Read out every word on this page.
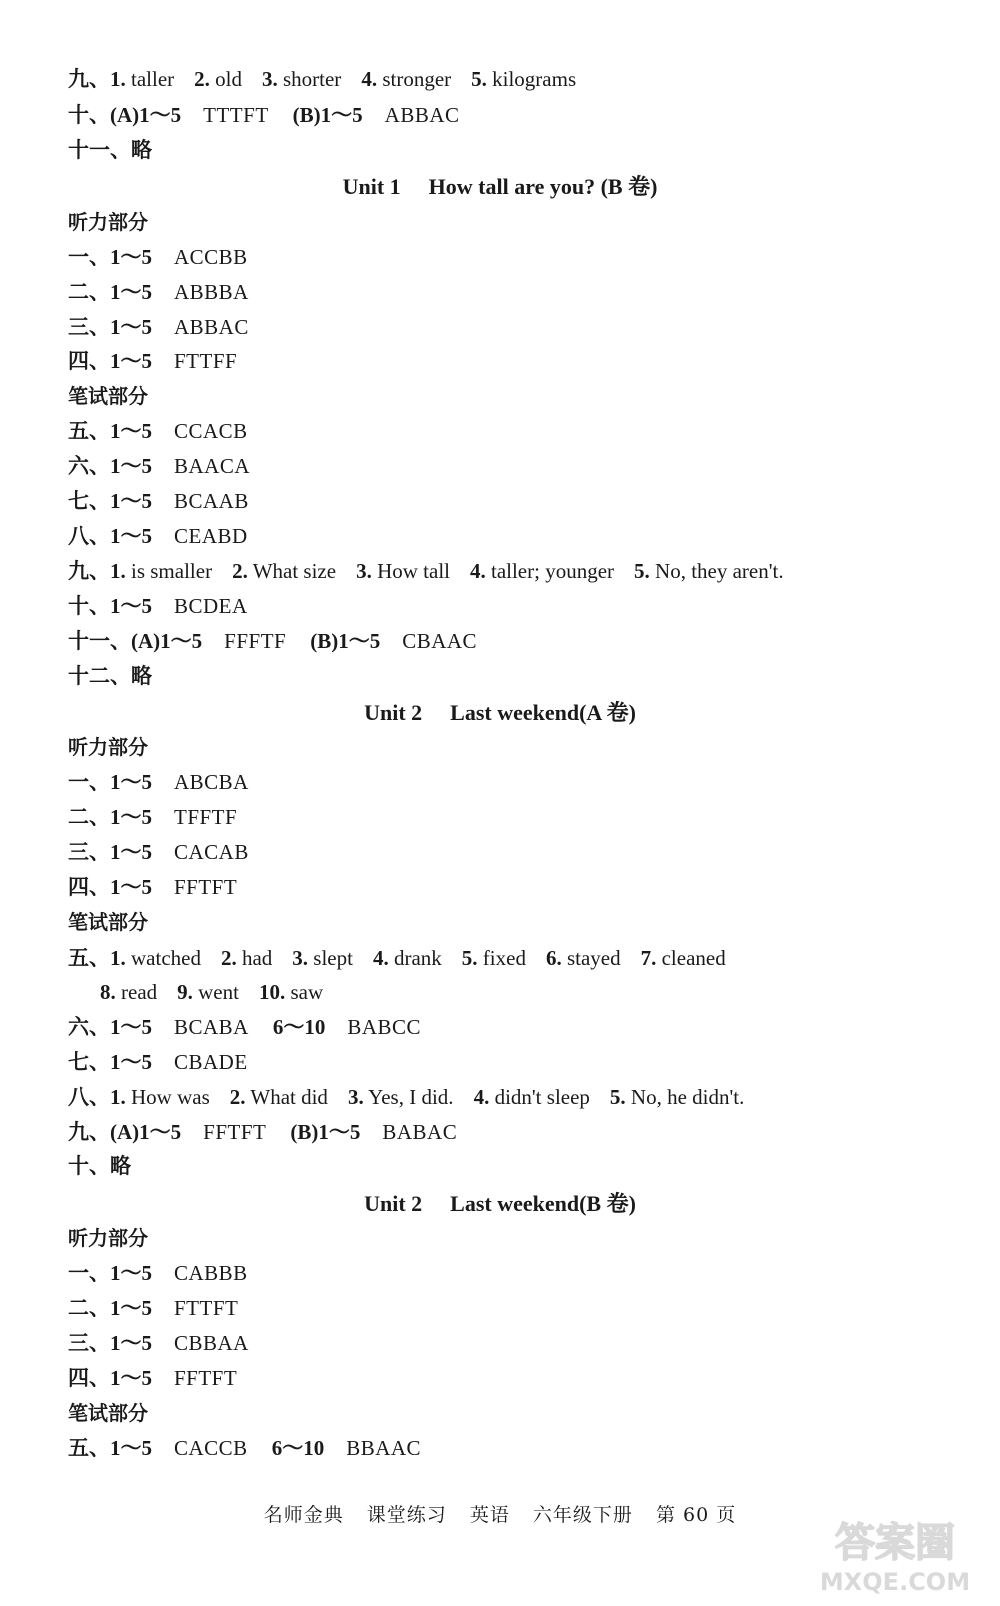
九、1. taller 2. old 3. shorter 4. stronger 5. kilograms
十、(A)1～5 TTTFT (B)1～5 ABBAC
十一、略
Unit 1 How tall are you? (B 卷)
听力部分
一、1～5 ACCBB
二、1～5 ABBBA
三、1～5 ABBAC
四、1～5 FTTFF
笔试部分
五、1～5 CCACB
六、1～5 BAACA
七、1～5 BCAAB
八、1～5 CEABD
九、1. is smaller 2. What size 3. How tall 4. taller; younger 5. No, they aren't.
十、1～5 BCDEA
十一、(A)1～5 FFFTF (B)1～5 CBAAC
十二、略
Unit 2 Last weekend(A 卷)
听力部分
一、1～5 ABCBA
二、1～5 TFFTF
三、1～5 CACAB
四、1～5 FFTFT
笔试部分
五、1. watched 2. had 3. slept 4. drank 5. fixed 6. stayed 7. cleaned
8. read 9. went 10. saw
六、1～5 BCABA 6～10 BABCC
七、1～5 CBADE
八、1. How was 2. What did 3. Yes, I did. 4. didn't sleep 5. No, he didn't.
九、(A)1～5 FFTFT (B)1～5 BABAC
十、略
Unit 2 Last weekend(B 卷)
听力部分
一、1～5 CABBB
二、1～5 FTTFT
三、1～5 CBBAA
四、1～5 FFTFT
笔试部分
五、1～5 CACCB 6～10 BBAAC
名师金典 课堂练习 英语 六年级下册 第 60 页
答案圈
MXQE.COM
